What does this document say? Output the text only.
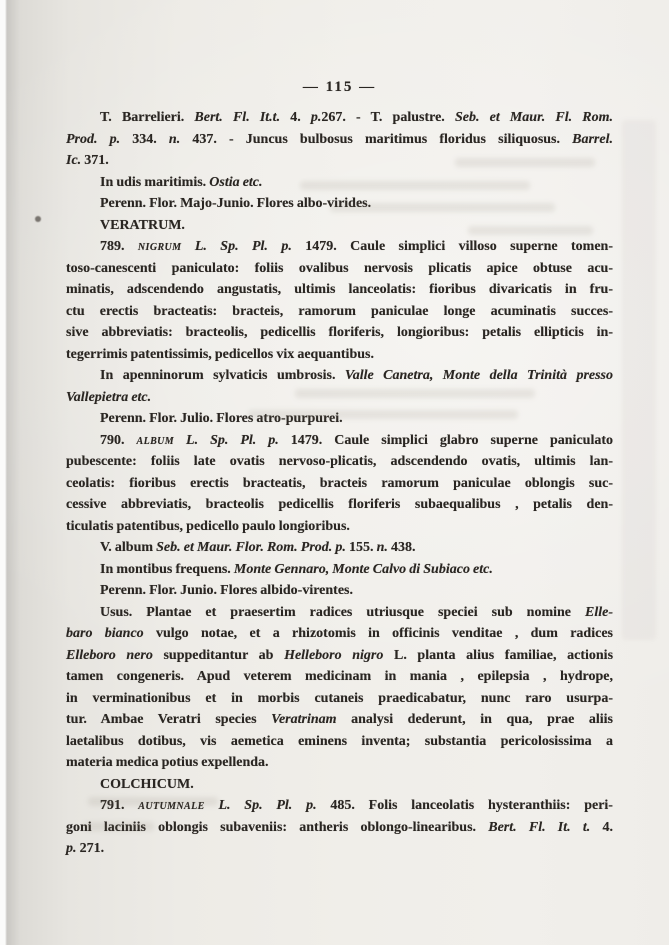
— 115 —
T. Barrelieri. Bert. Fl. It.t. 4. p.267. - T. palustre. Seb. et Maur. Fl. Rom.
Prod. p. 334. n. 437. - Juncus bulbosus maritimus floridus siliquosus. Barrel.
Ic. 371.
In udis maritimis. Ostia etc.
Perenn. Flor. Majo-Junio. Flores albo-virides.
VERATRUM.
789. nigrum L. Sp. Pl. p. 1479. Caule simplici villoso superne tomen-
toso-canescenti paniculato: foliis ovalibus nervosis plicatis apice obtuse acu-
minatis, adscendendo angustatis, ultimis lanceolatis: fioribus divaricatis in fru-
ctu erectis bracteatis: bracteis, ramorum paniculae longe acuminatis succes-
sive abbreviatis: bracteolis, pedicellis floriferis, longioribus: petalis ellipticis in-
tegerrimis patentissimis, pedicellos vix aequantibus.
In apenninorum sylvaticis umbrosis. Valle Canetra, Monte della Trinità presso
Vallepietra etc.
Perenn. Flor. Julio. Flores atro-purpurei.
790. album L. Sp. Pl. p. 1479. Caule simplici glabro superne paniculato
pubescente: foliis late ovatis nervoso-plicatis, adscendendo ovatis, ultimis lan-
ceolatis: fioribus erectis bracteatis, bracteis ramorum paniculae oblongis suc-
cessive abbreviatis, bracteolis pedicellis floriferis subaequalibus , petalis den-
ticulatis patentibus, pedicello paulo longioribus.
V. album Seb. et Maur. Flor. Rom. Prod. p. 155. n. 438.
In montibus frequens. Monte Gennaro, Monte Calvo di Subiaco etc.
Perenn. Flor. Junio. Flores albido-virentes.
Usus. Plantae et praesertim radices utriusque speciei sub nomine Elle-
baro bianco vulgo notae, et a rhizotomis in officinis venditae , dum radices
Elleboro nero suppeditantur ab Helleboro nigro L. planta alius familiae, actionis
tamen congeneris. Apud veterem medicinam in mania , epilepsia , hydrope,
in verminationibus et in morbis cutaneis praedicabatur, nunc raro usurpa-
tur. Ambae Veratri species Veratrinam analysi dederunt, in qua, prae aliis
laetalibus dotibus, vis aemetica eminens inventa; substantia pericolosissima a
materia medica potius expellenda.
COLCHICUM.
791. autumnale L. Sp. Pl. p. 485. Folis lanceolatis hysteranthiis: peri-
goni laciniis oblongis subaveniis: antheris oblongo-linearibus. Bert. Fl. It. t. 4.
p. 271.
